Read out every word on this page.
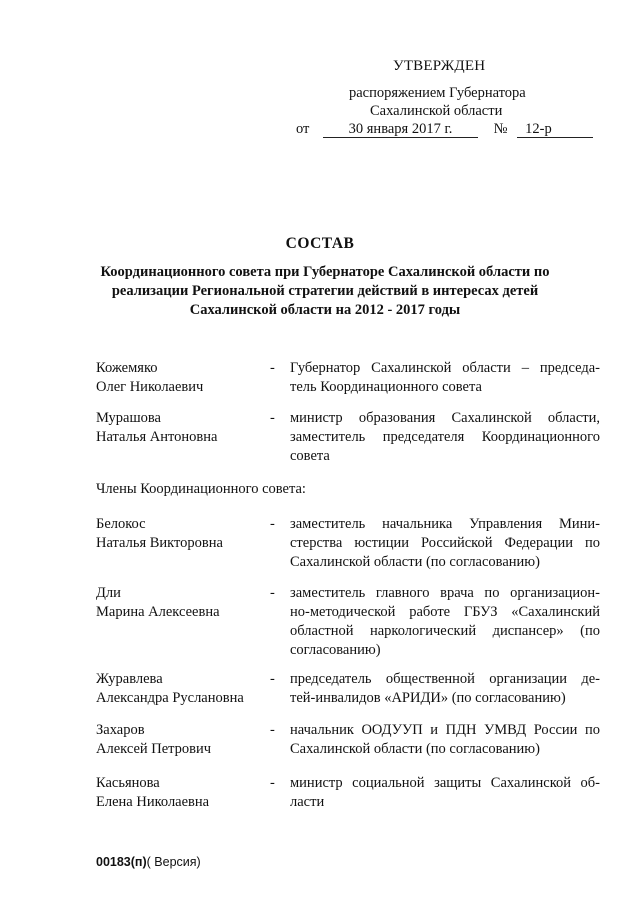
УТВЕРЖДЕН
распоряжением Губернатора
Сахалинской области
от	30 января 2017 г.	№ 12-р
СОСТАВ
Координационного совета при Губернаторе Сахалинской области по
реализации Региональной стратегии действий в интересах детей
Сахалинской области на 2012 - 2017 годы
Кожемяко
Олег Николаевич
- Губернатор Сахалинской области – председа-
тель Координационного совета
Мурашова
Наталья Антоновна
- министр образования Сахалинской области,
заместитель председателя Координационного
совета
Члены Координационного совета:
Белокос
Наталья Викторовна
- заместитель начальника Управления Мини-
стерства юстиции Российской Федерации по
Сахалинской области (по согласованию)
Дли
Марина Алексеевна
- заместитель главного врача по организацион-
но-методической работе ГБУЗ «Сахалинский
областной наркологический диспансер» (по
согласованию)
Журавлева
Александра Руслановна
- председатель общественной организации де-
тей-инвалидов «АРИДИ» (по согласованию)
Захаров
Алексей Петрович
- начальник ООДУУП и ПДН УМВД России по
Сахалинской области (по согласованию)
Касьянова
Елена Николаевна
- министр социальной защиты Сахалинской об-
ласти
00183(п)( Версия)
